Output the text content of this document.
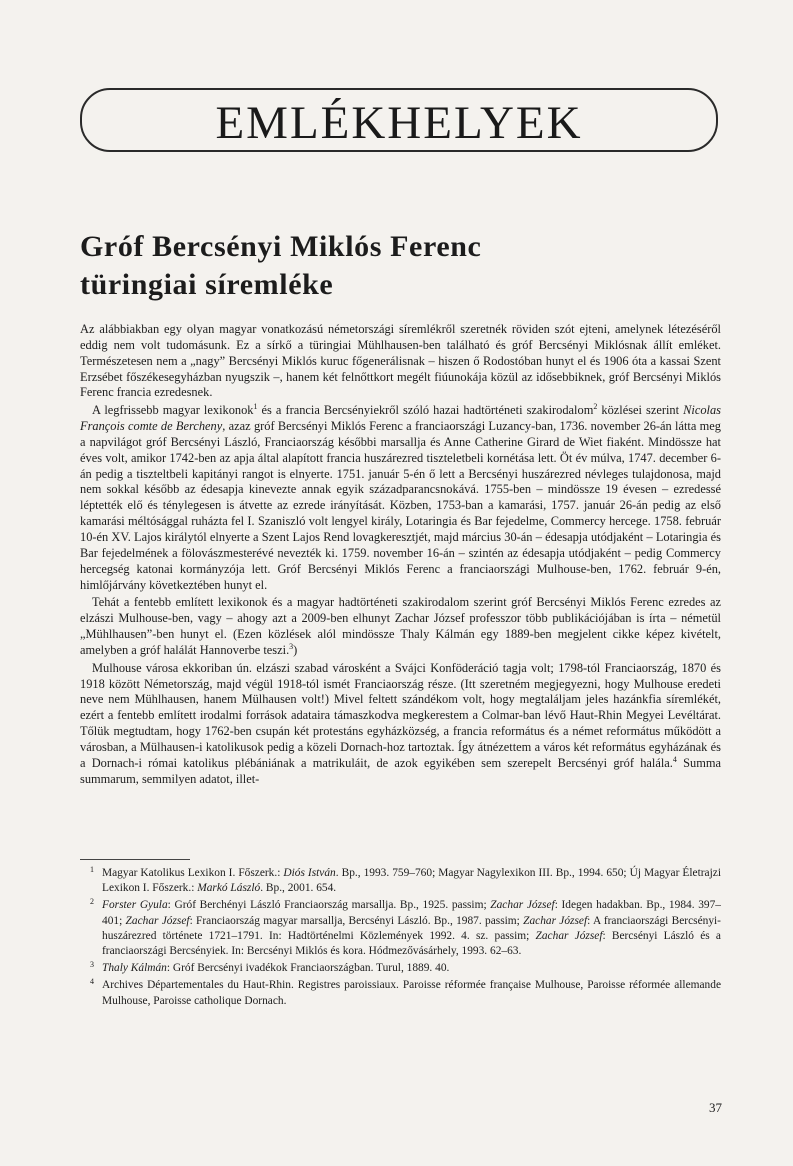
EMLÉKHELYEK
Gróf Bercsényi Miklós Ferenc
türingiai síremléke

Az alábbiakban egy olyan magyar vonatkozású németországi síremlékről szeretnék röviden szót ejteni, amelynek létezéséről eddig nem volt tudomásunk. Ez a sírkő a türingiai Mühlhausen-ben található és gróf Bercsényi Miklósnak állít emléket. Természetesen nem a „nagy” Bercsényi Miklós kuruc főgenerálisnak – hiszen ő Rodostóban hunyt el és 1906 óta a kassai Szent Erzsébet főszékesegyházban nyugszik –, hanem két felnőttkort megélt fiúunokája közül az idősebbiknek, gróf Bercsényi Miklós Ferenc francia ezredesnek.

A legfrissebb magyar lexikonok$^1$ és a francia Bercsényiekről szóló hazai hadtörténeti szakirodalom$^2$ közlései szerint Nicolas François comte de Bercheny, azaz gróf Bercsényi Miklós Ferenc a franciaországi Luzancy-ban, 1736. november 26-án látta meg a napvilágot gróf Bercsényi László, Franciaország későbbi marsallja és Anne Catherine Girard de Wiet fiaként. Mindössze hat éves volt, amikor 1742-ben az apja által alapított francia huszárezred tiszteletbeli kornétása lett. Öt év múlva, 1747. december 6-án pedig a tiszteltbeli kapitányi rangot is elnyerte. 1751. január 5-én ő lett a Bercsényi huszárezred névleges tulajdonosa, majd nem sokkal később az édesapja kinevezte annak egyik századparancsnokává. 1755-ben – mindössze 19 évesen – ezredessé léptették elő és ténylegesen is átvette az ezrede irányítását. Közben, 1753-ban a kamarási, 1757. január 26-án pedig az első kamarási méltósággal ruházta fel I. Szaniszló volt lengyel király, Lotaringia és Bar fejedelme, Commercy hercege. 1758. február 10-én XV. Lajos királytól elnyerte a Szent Lajos Rend lovagkeresztjét, majd március 30-án – édesapja utódjaként – Lotaringia és Bar fejedelmének a fölovászmesterévé nevezték ki. 1759. november 16-án – szintén az édesapja utódjaként – pedig Commercy hercegség katonai kormányzója lett. Gróf Bercsényi Miklós Ferenc a franciaországi Mulhouse-ben, 1762. február 9-én, himlőjárvány következtében hunyt el.

Tehát a fentebb említett lexikonok és a magyar hadtörténeti szakirodalom szerint gróf Bercsényi Miklós Ferenc ezredes az elzászi Mulhouse-ben, vagy – ahogy azt a 2009-ben elhunyt Zachar József professzor több publikációjában is írta – németül „Mühlhausen”-ben hunyt el. (Ezen közlések alól mindössze Thaly Kálmán egy 1889-ben megjelent cikke képez kivételt, amelyben a gróf halálát Hannoverbe teszi.$^3$)

Mulhouse városa ekkoriban ún. elzászi szabad városként a Svájci Konföderáció tagja volt; 1798-tól Franciaország, 1870 és 1918 között Németország, majd végül 1918-tól ismét Franciaország része. (Itt szeretném megjegyezni, hogy Mulhouse eredeti neve nem Mühlhausen, hanem Mülhausen volt!) Mivel feltett szándékom volt, hogy megtaláljam jeles hazánkfia síremlékét, ezért a fentebb említett irodalmi források adataira támaszkodva megkerestem a Colmar-ban lévő Haut-Rhin Megyei Levéltárat. Tőlük megtudtam, hogy 1762-ben csupán két protestáns egyházközség, a francia református és a német református működött a városban, a Mülhausen-i katolikusok pedig a közeli Dornach-hoz tartoztak. Így átnézettem a város két református egyházának és a Dornach-i római katolikus plébániának a matrikuláit, de azok egyikében sem szerepelt Bercsényi gróf halála.$^4$ Summa summarum, semmilyen adatot, illet-

1 Magyar Katolikus Lexikon I. Főszerk.: Diós István. Bp., 1993. 759–760; Magyar Nagylexikon III. Bp., 1994. 650; Új Magyar Életrajzi Lexikon I. Főszerk.: Markó László. Bp., 2001. 654.
2 Forster Gyula: Gróf Berchényi László Franciaország marsallja. Bp., 1925. passim; Zachar József: Idegen hadakban. Bp., 1984. 397–401; Zachar József: Franciaország magyar marsallja, Bercsényi László. Bp., 1987. passim; Zachar József: A franciaországi Bercsényi-huszárezred története 1721–1791. In: Hadtörténelmi Közlemények 1992. 4. sz. passim; Zachar József: Bercsényi László és a franciaországi Bercsényiek. In: Bercsényi Miklós és kora. Hódmezővásárhely, 1993. 62–63.
3 Thaly Kálmán: Gróf Bercsényi ivadékok Franciaországban. Turul, 1889. 40.
4 Archives Départementales du Haut-Rhin. Registres paroissiaux. Paroisse réformée française Mulhouse, Paroisse réformée allemande Mulhouse, Paroisse catholique Dornach.
37
